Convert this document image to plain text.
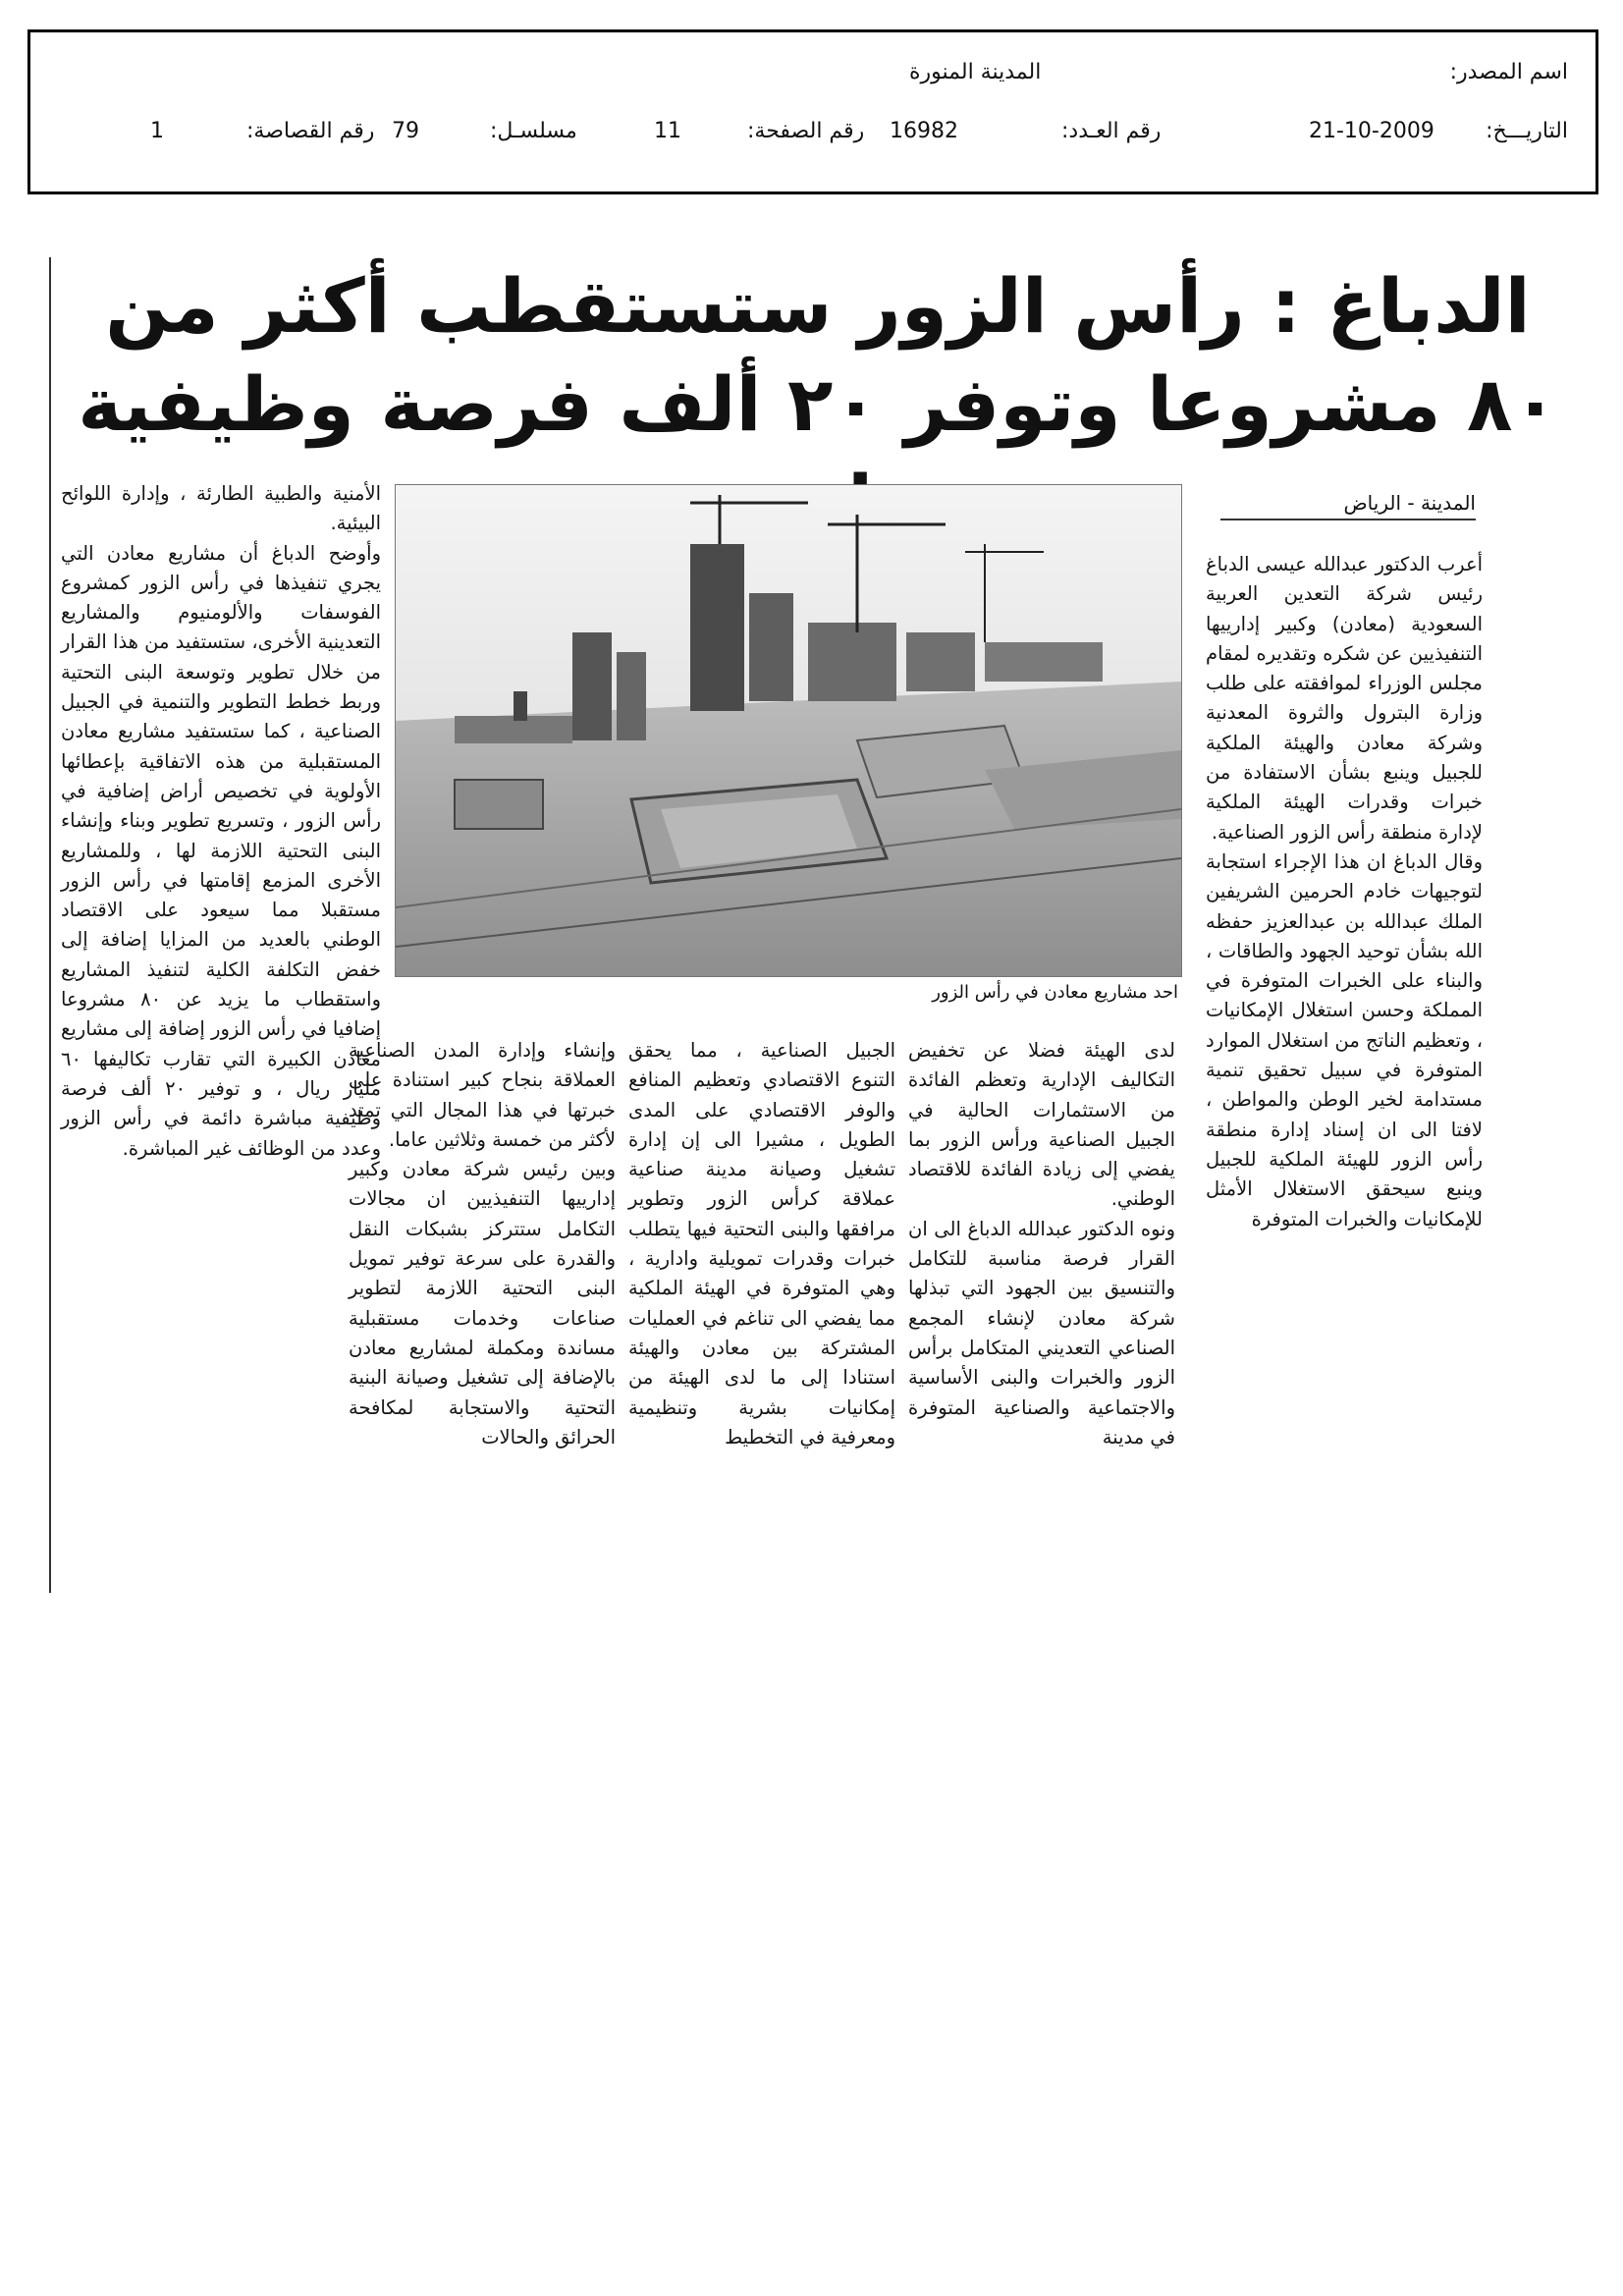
اسم المصدر:
المدينة المنورة
التاريـــخ:
21-10-2009
رقم العـدد:
16982
رقم الصفحة:
11
مسلسـل:
79
رقم القصاصة:
1
الدباغ : رأس الزور ستستقطب أكثر من
٨٠ مشروعا وتوفر ٢٠ ألف فرصة وظيفية
المدينة - الرياض
احد مشاريع معادن في رأس الزور

أعرب الدكتور عبدالله عيسى الدباغ رئيس شركة التعدين العربية السعودية (معادن) وكبير إدارييها التنفيذيين عن شكره وتقديره لمقام مجلس الوزراء لموافقته على طلب وزارة البترول والثروة المعدنية وشركة معادن والهيئة الملكية للجبيل وينبع بشأن الاستفادة من خبرات وقدرات الهيئة الملكية لإدارة منطقة رأس الزور الصناعية.

وقال الدباغ ان هذا الإجراء استجابة لتوجيهات خادم الحرمين الشريفين الملك عبدالله بن عبدالعزيز حفظه الله بشأن توحيد الجهود والطاقات ، والبناء على الخبرات المتوفرة في المملكة وحسن استغلال الإمكانيات ، وتعظيم الناتج من استغلال الموارد المتوفرة في سبيل تحقيق تنمية مستدامة لخير الوطن والمواطن ، لافتا الى ان إسناد إدارة منطقة رأس الزور للهيئة الملكية للجبيل وينبع سيحقق الاستغلال الأمثل للإمكانيات والخبرات المتوفرة

لدى الهيئة فضلا عن تخفيض التكاليف الإدارية وتعظم الفائدة من الاستثمارات الحالية في الجبيل الصناعية ورأس الزور بما يفضي إلى زيادة الفائدة للاقتصاد الوطني.

ونوه الدكتور عبدالله الدباغ الى ان القرار فرصة مناسبة للتكامل والتنسيق بين الجهود التي تبذلها شركة معادن لإنشاء المجمع الصناعي التعديني المتكامل برأس الزور والخبرات والبنى الأساسية والاجتماعية والصناعية المتوفرة في مدينة

الجبيل الصناعية ، مما يحقق التنوع الاقتصادي وتعظيم المنافع والوفر الاقتصادي على المدى الطويل ، مشيرا الى إن إدارة تشغيل وصيانة مدينة صناعية عملاقة كرأس الزور وتطوير مرافقها والبنى التحتية فيها يتطلب خبرات وقدرات تمويلية وادارية ، وهي المتوفرة في الهيئة الملكية مما يفضي الى تناغم في العمليات المشتركة بين معادن والهيئة استنادا إلى ما لدى الهيئة من إمكانيات بشرية وتنظيمية ومعرفية في التخطيط

وإنشاء وإدارة المدن الصناعية العملاقة بنجاح كبير استنادة على خبرتها في هذا المجال التي تمتد لأكثر من خمسة وثلاثين عاما.

وبين رئيس شركة معادن وكبير إدارييها التنفيذيين ان مجالات التكامل ستتركز بشبكات النقل والقدرة على سرعة توفير تمويل البنى التحتية اللازمة لتطوير صناعات وخدمات مستقبلية مساندة ومكملة لمشاريع معادن بالإضافة إلى تشغيل وصيانة البنية التحتية والاستجابة لمكافحة الحرائق والحالات

الأمنية والطبية الطارئة ، وإدارة اللوائح البيئية.

وأوضح الدباغ أن مشاريع معادن التي يجري تنفيذها في رأس الزور كمشروع الفوسفات والألومنيوم والمشاريع التعدينية الأخرى، ستستفيد من هذا القرار من خلال تطوير وتوسعة البنى التحتية وربط خطط التطوير والتنمية في الجبيل الصناعية ، كما ستستفيد مشاريع معادن المستقبلية من هذه الاتفاقية بإعطائها الأولوية في تخصيص أراض إضافية في رأس الزور ، وتسريع تطوير وبناء وإنشاء البنى التحتية اللازمة لها ، وللمشاريع الأخرى المزمع إقامتها في رأس الزور مستقبلا مما سيعود على الاقتصاد الوطني بالعديد من المزايا إضافة إلى خفض التكلفة الكلية لتنفيذ المشاريع واستقطاب ما يزيد عن ٨٠ مشروعا إضافيا في رأس الزور إضافة إلى مشاريع معادن الكبيرة التي تقارب تكاليفها ٦٠ مليار ريال ، و توفير ٢٠ ألف فرصة وظيفية مباشرة دائمة في رأس الزور وعدد من الوظائف غير المباشرة.
